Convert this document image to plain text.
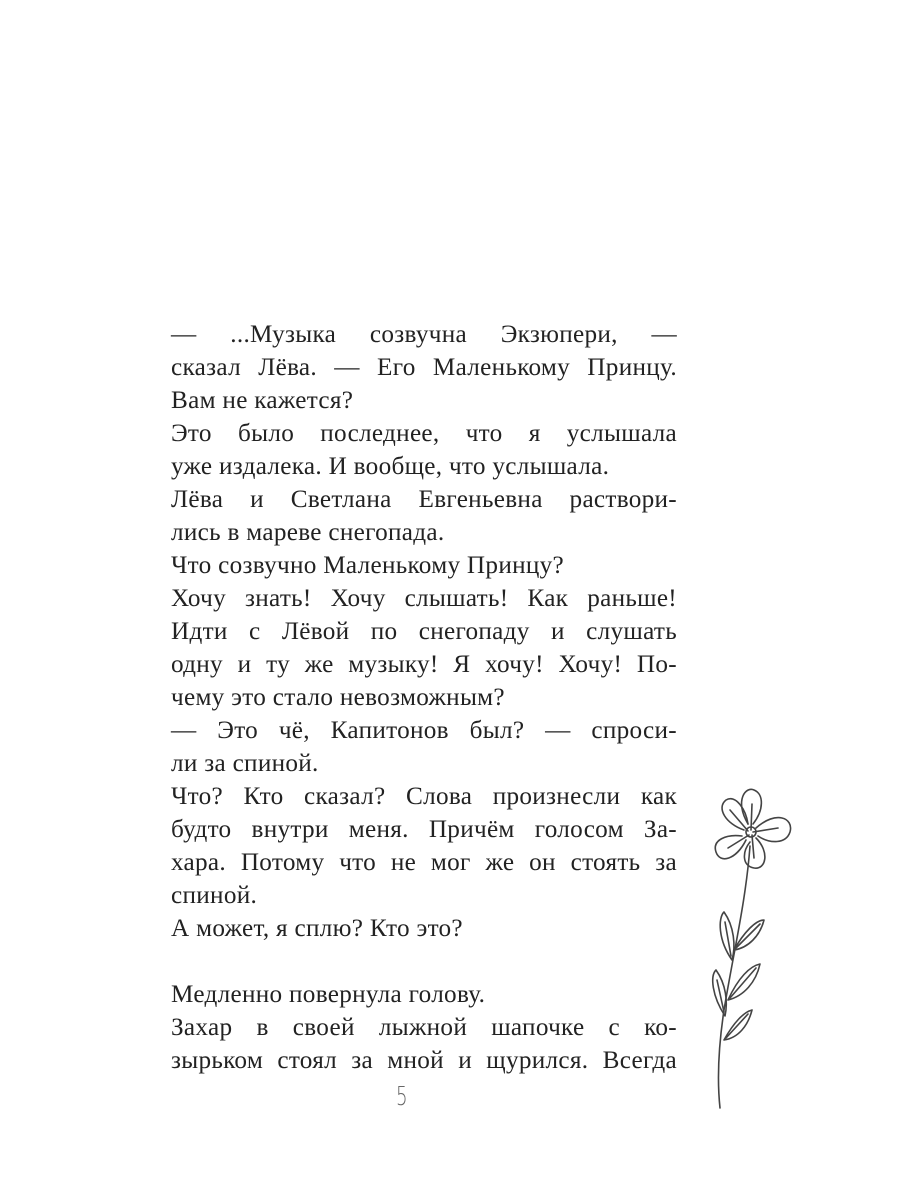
— ...Музыка созвучна Экзюпери, —
сказал Лёва. — Его Маленькому Принцу.
Вам не кажется?

Это было последнее, что я услышала
уже издалека. И вообще, что услышала.

Лёва и Светлана Евгеньевна раствори-
лись в мареве снегопада.

Что созвучно Маленькому Принцу?

Хочу знать! Хочу слышать! Как раньше!
Идти с Лёвой по снегопаду и слушать
одну и ту же музыку! Я хочу! Хочу! По-
чему это стало невозможным?

— Это чё, Капитонов был? — спроси-
ли за спиной.

Что? Кто сказал? Слова произнесли как
будто внутри меня. Причём голосом За-
хара. Потому что не мог же он стоять за
спиной.

А может, я сплю? Кто это?

Медленно повернула голову.

Захар в своей лыжной шапочке с ко-
зырьком стоял за мной и щурился. Всегда

5
